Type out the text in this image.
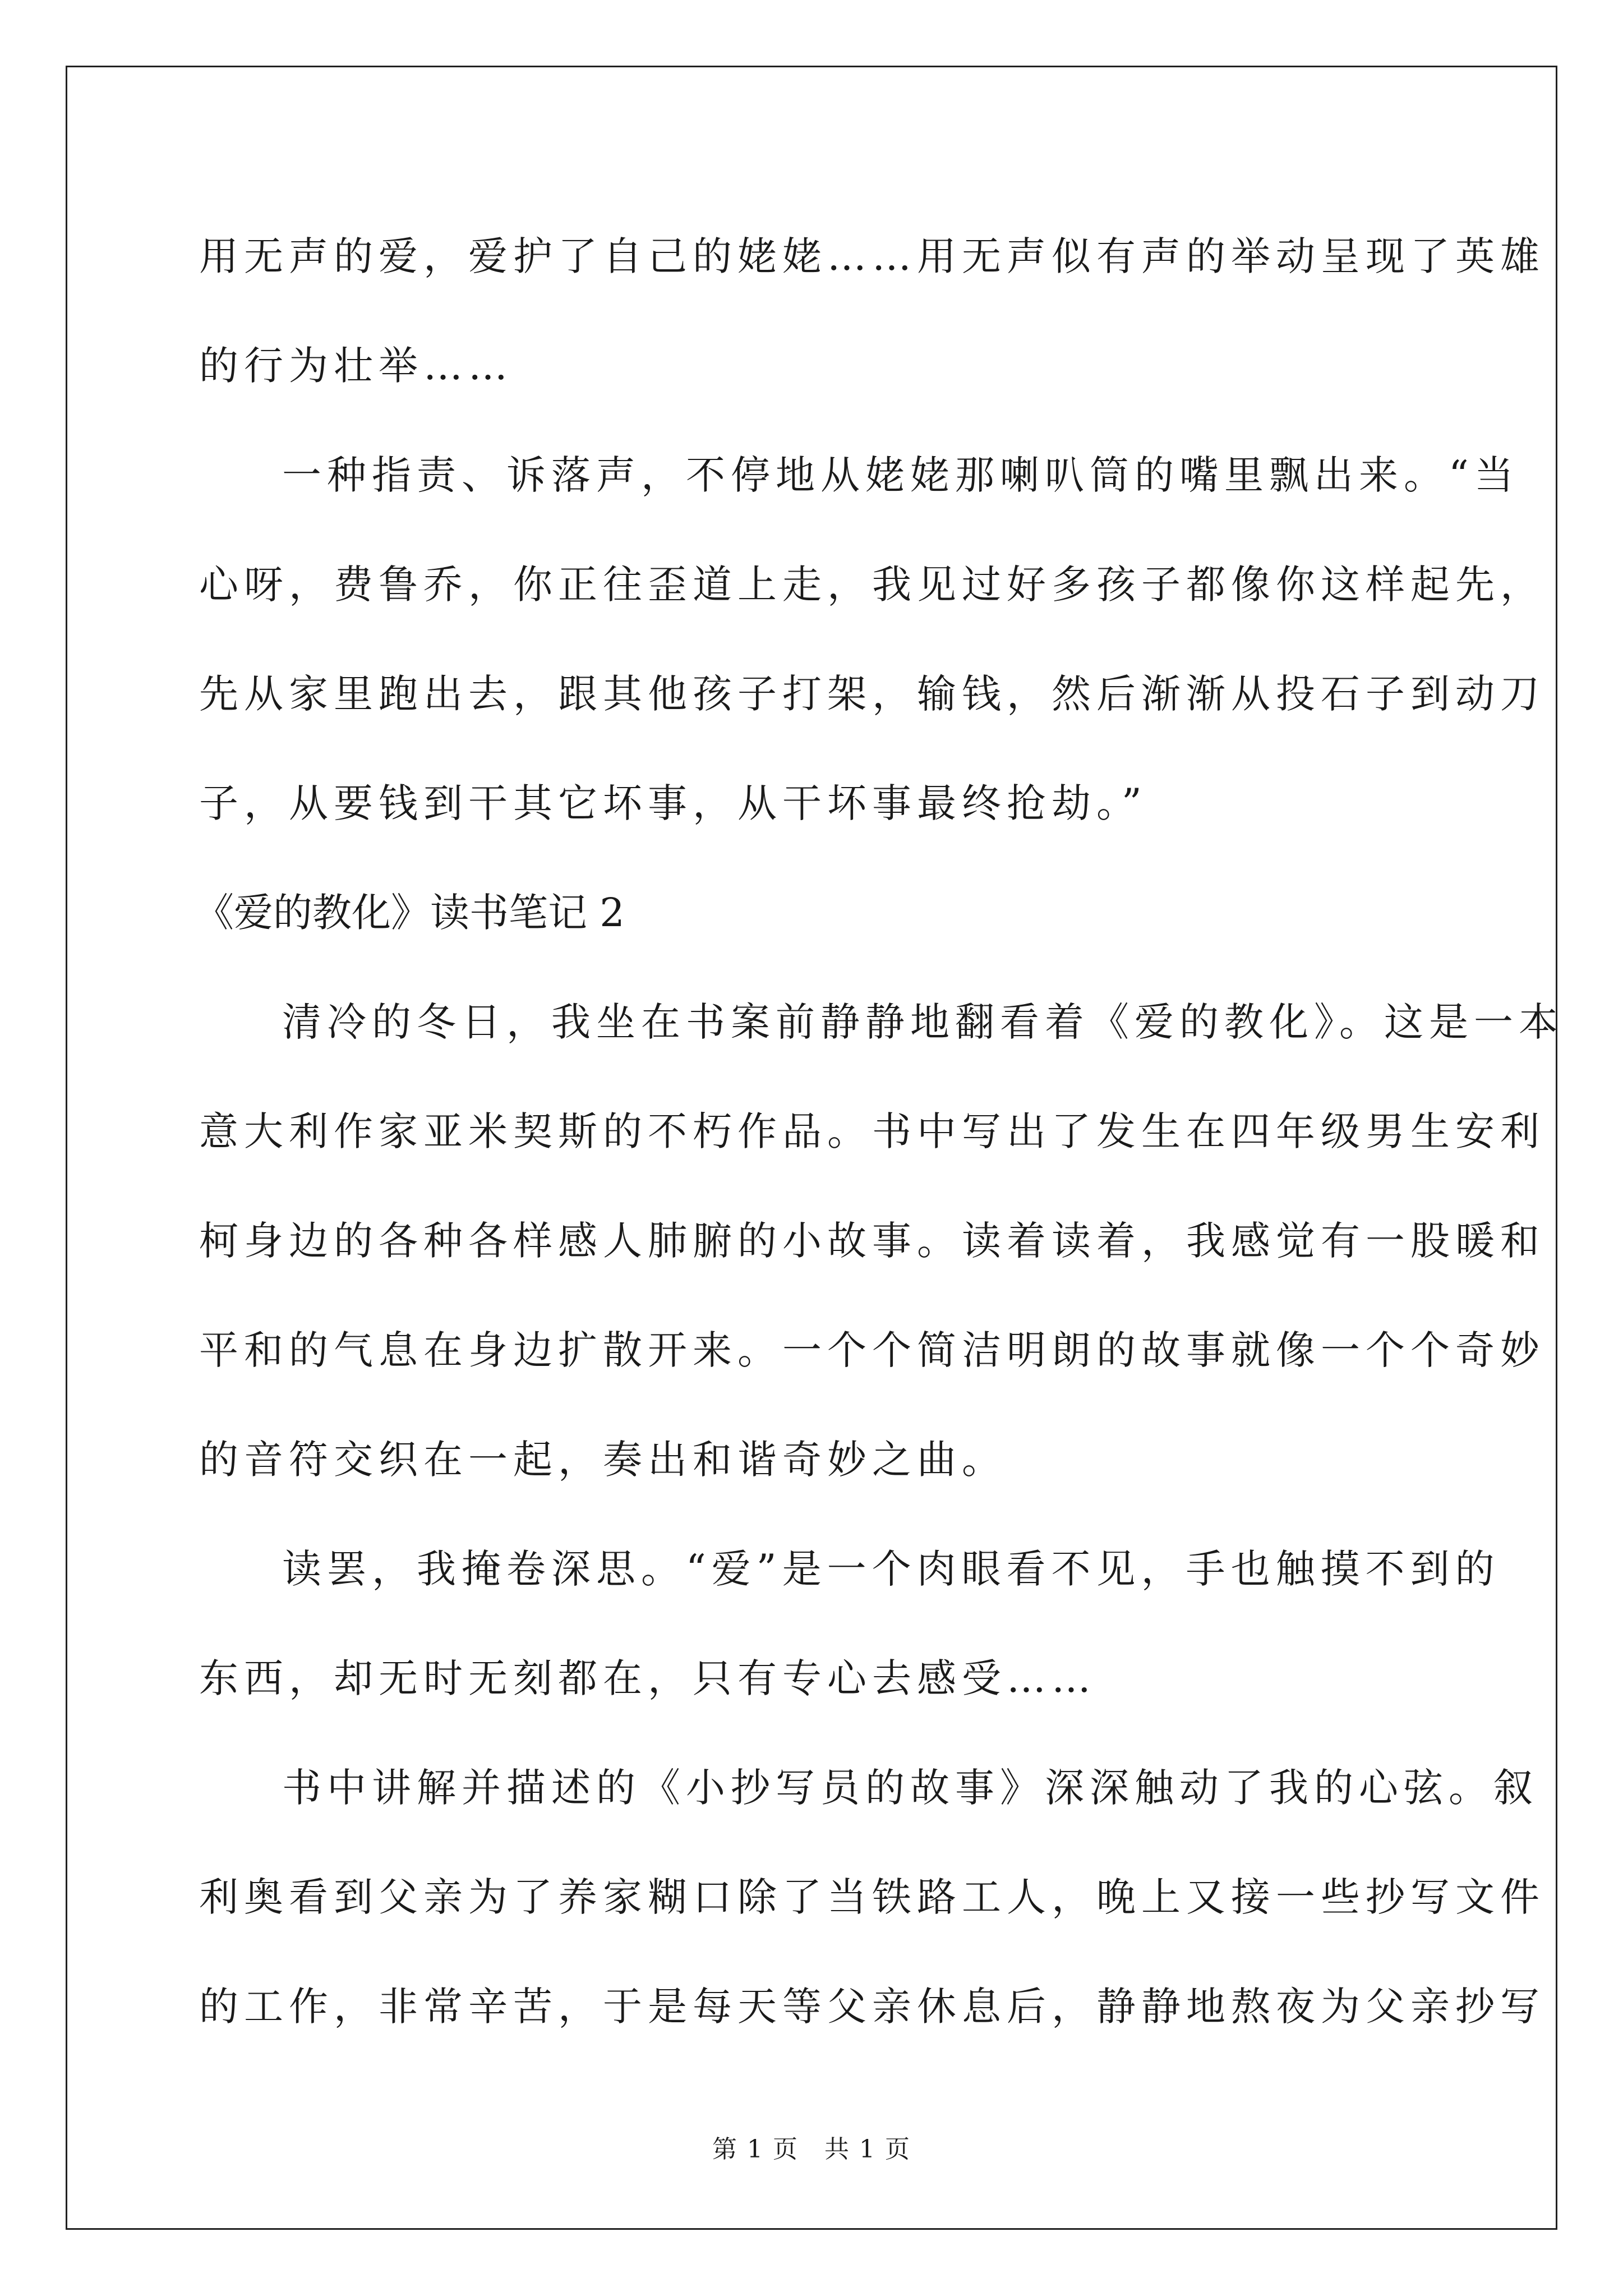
用无声的爱，爱护了自己的姥姥……用无声似有声的举动呈现了英雄
的行为壮举……
一种指责、诉落声，不停地从姥姥那喇叭筒的嘴里飘出来。“当
心呀，费鲁乔，你正往歪道上走，我见过好多孩子都像你这样起先，
先从家里跑出去，跟其他孩子打架，输钱，然后渐渐从投石子到动刀
子，从要钱到干其它坏事，从干坏事最终抢劫。”
《爱的教化》读书笔记 2
清冷的冬日，我坐在书案前静静地翻看着《爱的教化》。这是一本
意大利作家亚米契斯的不朽作品。书中写出了发生在四年级男生安利
柯身边的各种各样感人肺腑的小故事。读着读着，我感觉有一股暖和
平和的气息在身边扩散开来。一个个简洁明朗的故事就像一个个奇妙
的音符交织在一起，奏出和谐奇妙之曲。
读罢，我掩卷深思。“爱”是一个肉眼看不见，手也触摸不到的
东西，却无时无刻都在，只有专心去感受……
书中讲解并描述的《小抄写员的故事》深深触动了我的心弦。叙
利奥看到父亲为了养家糊口除了当铁路工人，晚上又接一些抄写文件
的工作，非常辛苦，于是每天等父亲休息后，静静地熬夜为父亲抄写
第 1 页　共 1 页
